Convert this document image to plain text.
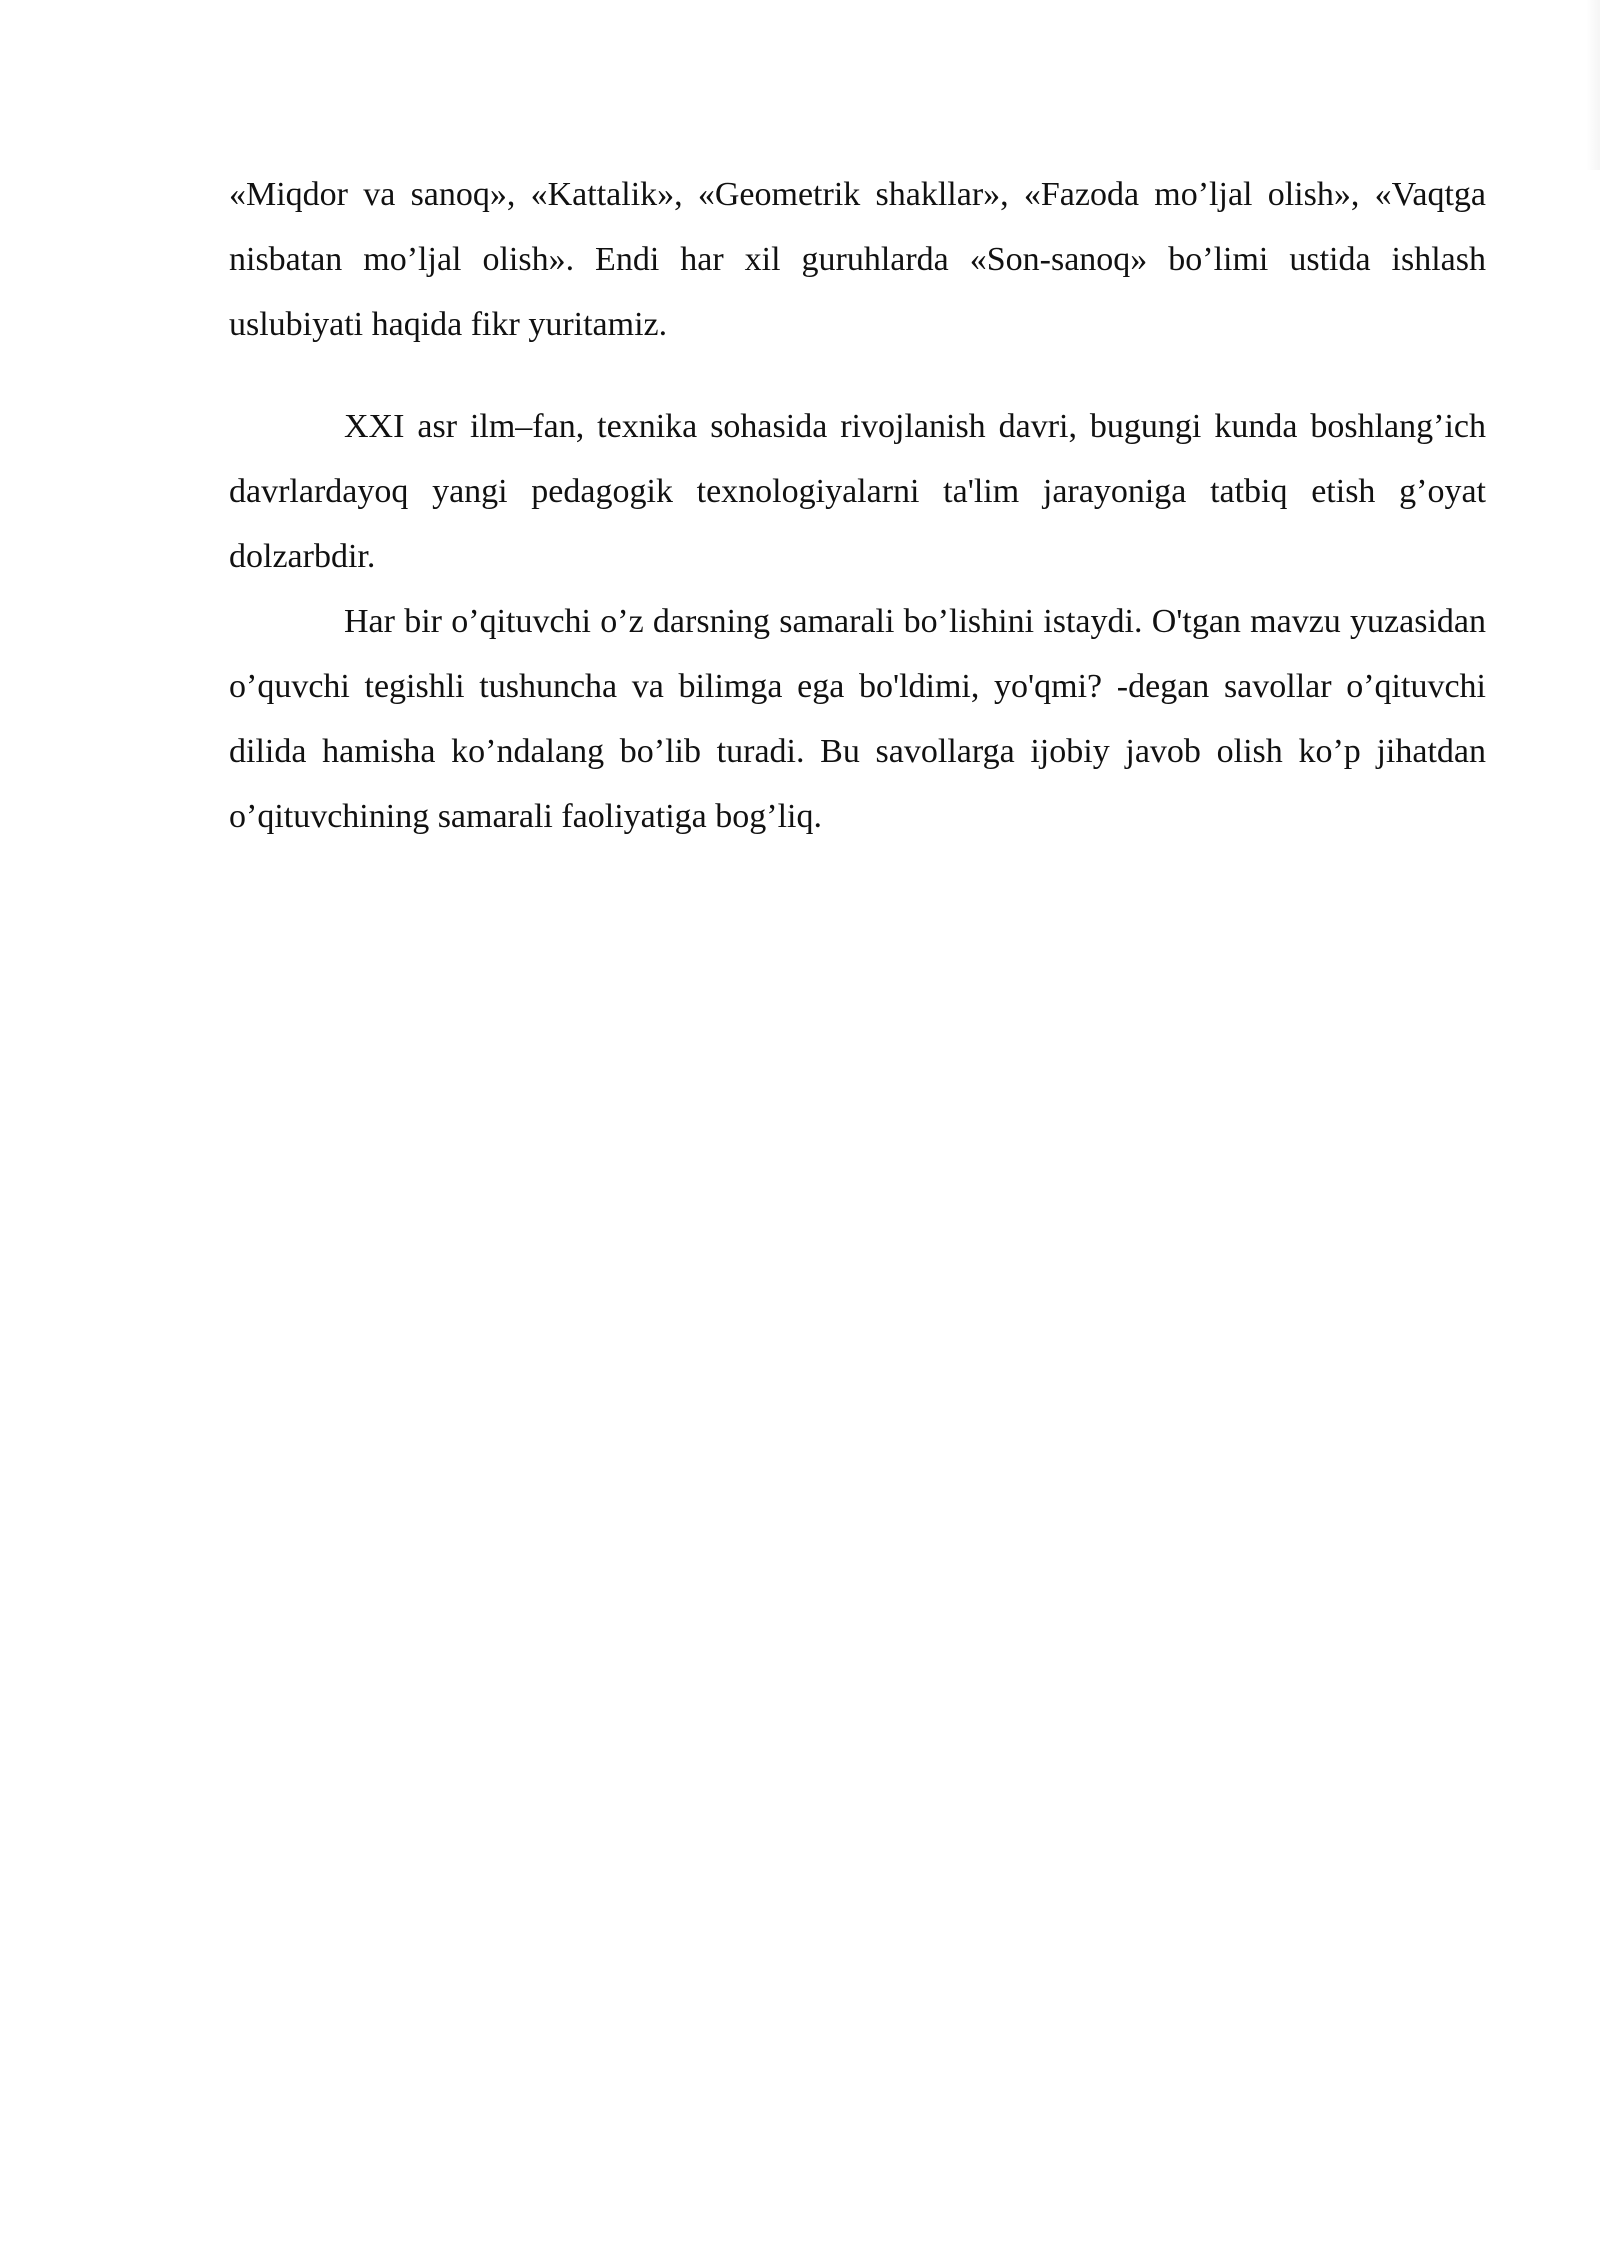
«Miqdor va sanoq», «Kattalik», «Geometrik shakllar», «Fazoda mo’ljal olish», «Vaqtga nisbatan mo’ljal olish». Endi har xil guruhlarda «Son-sanoq» bo’limi ustida ishlash uslubiyati haqida fikr yuritamiz.

XXI asr ilm–fan, texnika sohasida rivojlanish davri, bugungi kunda boshlang’ich davrlardayoq yangi pedagogik texnologiyalarni ta'lim jarayoniga tatbiq etish g’oyat dolzarbdir.

Har bir o’qituvchi o’z darsning samarali bo’lishini istaydi. O'tgan mavzu yuzasidan o’quvchi tegishli tushuncha va bilimga ega bo'ldimi, yo'qmi? -degan savollar o’qituvchi dilida hamisha ko’ndalang bo’lib turadi. Bu savollarga ijobiy javob olish ko’p jihatdan o’qituvchining samarali faoliyatiga bog’liq.
